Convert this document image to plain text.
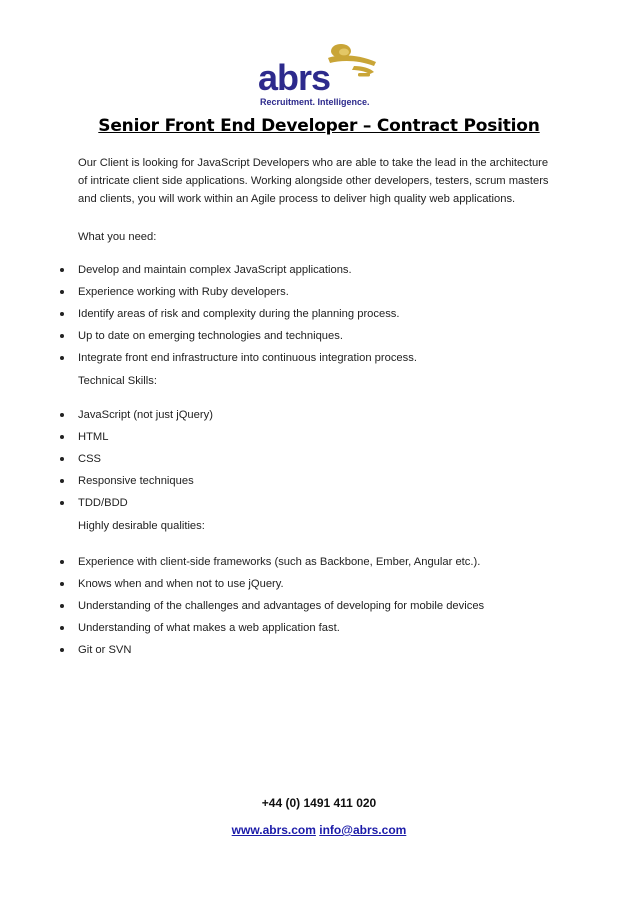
abrs
Recruitment. Intelligence.
Senior Front End Developer – Contract Position
Our Client is looking for JavaScript Developers who are able to take the lead in the architecture of intricate client side applications. Working alongside other developers, testers, scrum masters and clients, you will work within an Agile process to deliver high quality web applications.
What you need:
Develop and maintain complex JavaScript applications.
Experience working with Ruby developers.
Identify areas of risk and complexity during the planning process.
Up to date on emerging technologies and techniques.
Integrate front end infrastructure into continuous integration process.
Technical Skills:
JavaScript (not just jQuery)
HTML
CSS
Responsive techniques
TDD/BDD
Highly desirable qualities:
Experience with client-side frameworks (such as Backbone, Ember, Angular etc.).
Knows when and when not to use jQuery.
Understanding of the challenges and advantages of developing for mobile devices
Understanding of what makes a web application fast.
Git or SVN
+44 (0) 1491 411 020
www.abrs.com info@abrs.com
